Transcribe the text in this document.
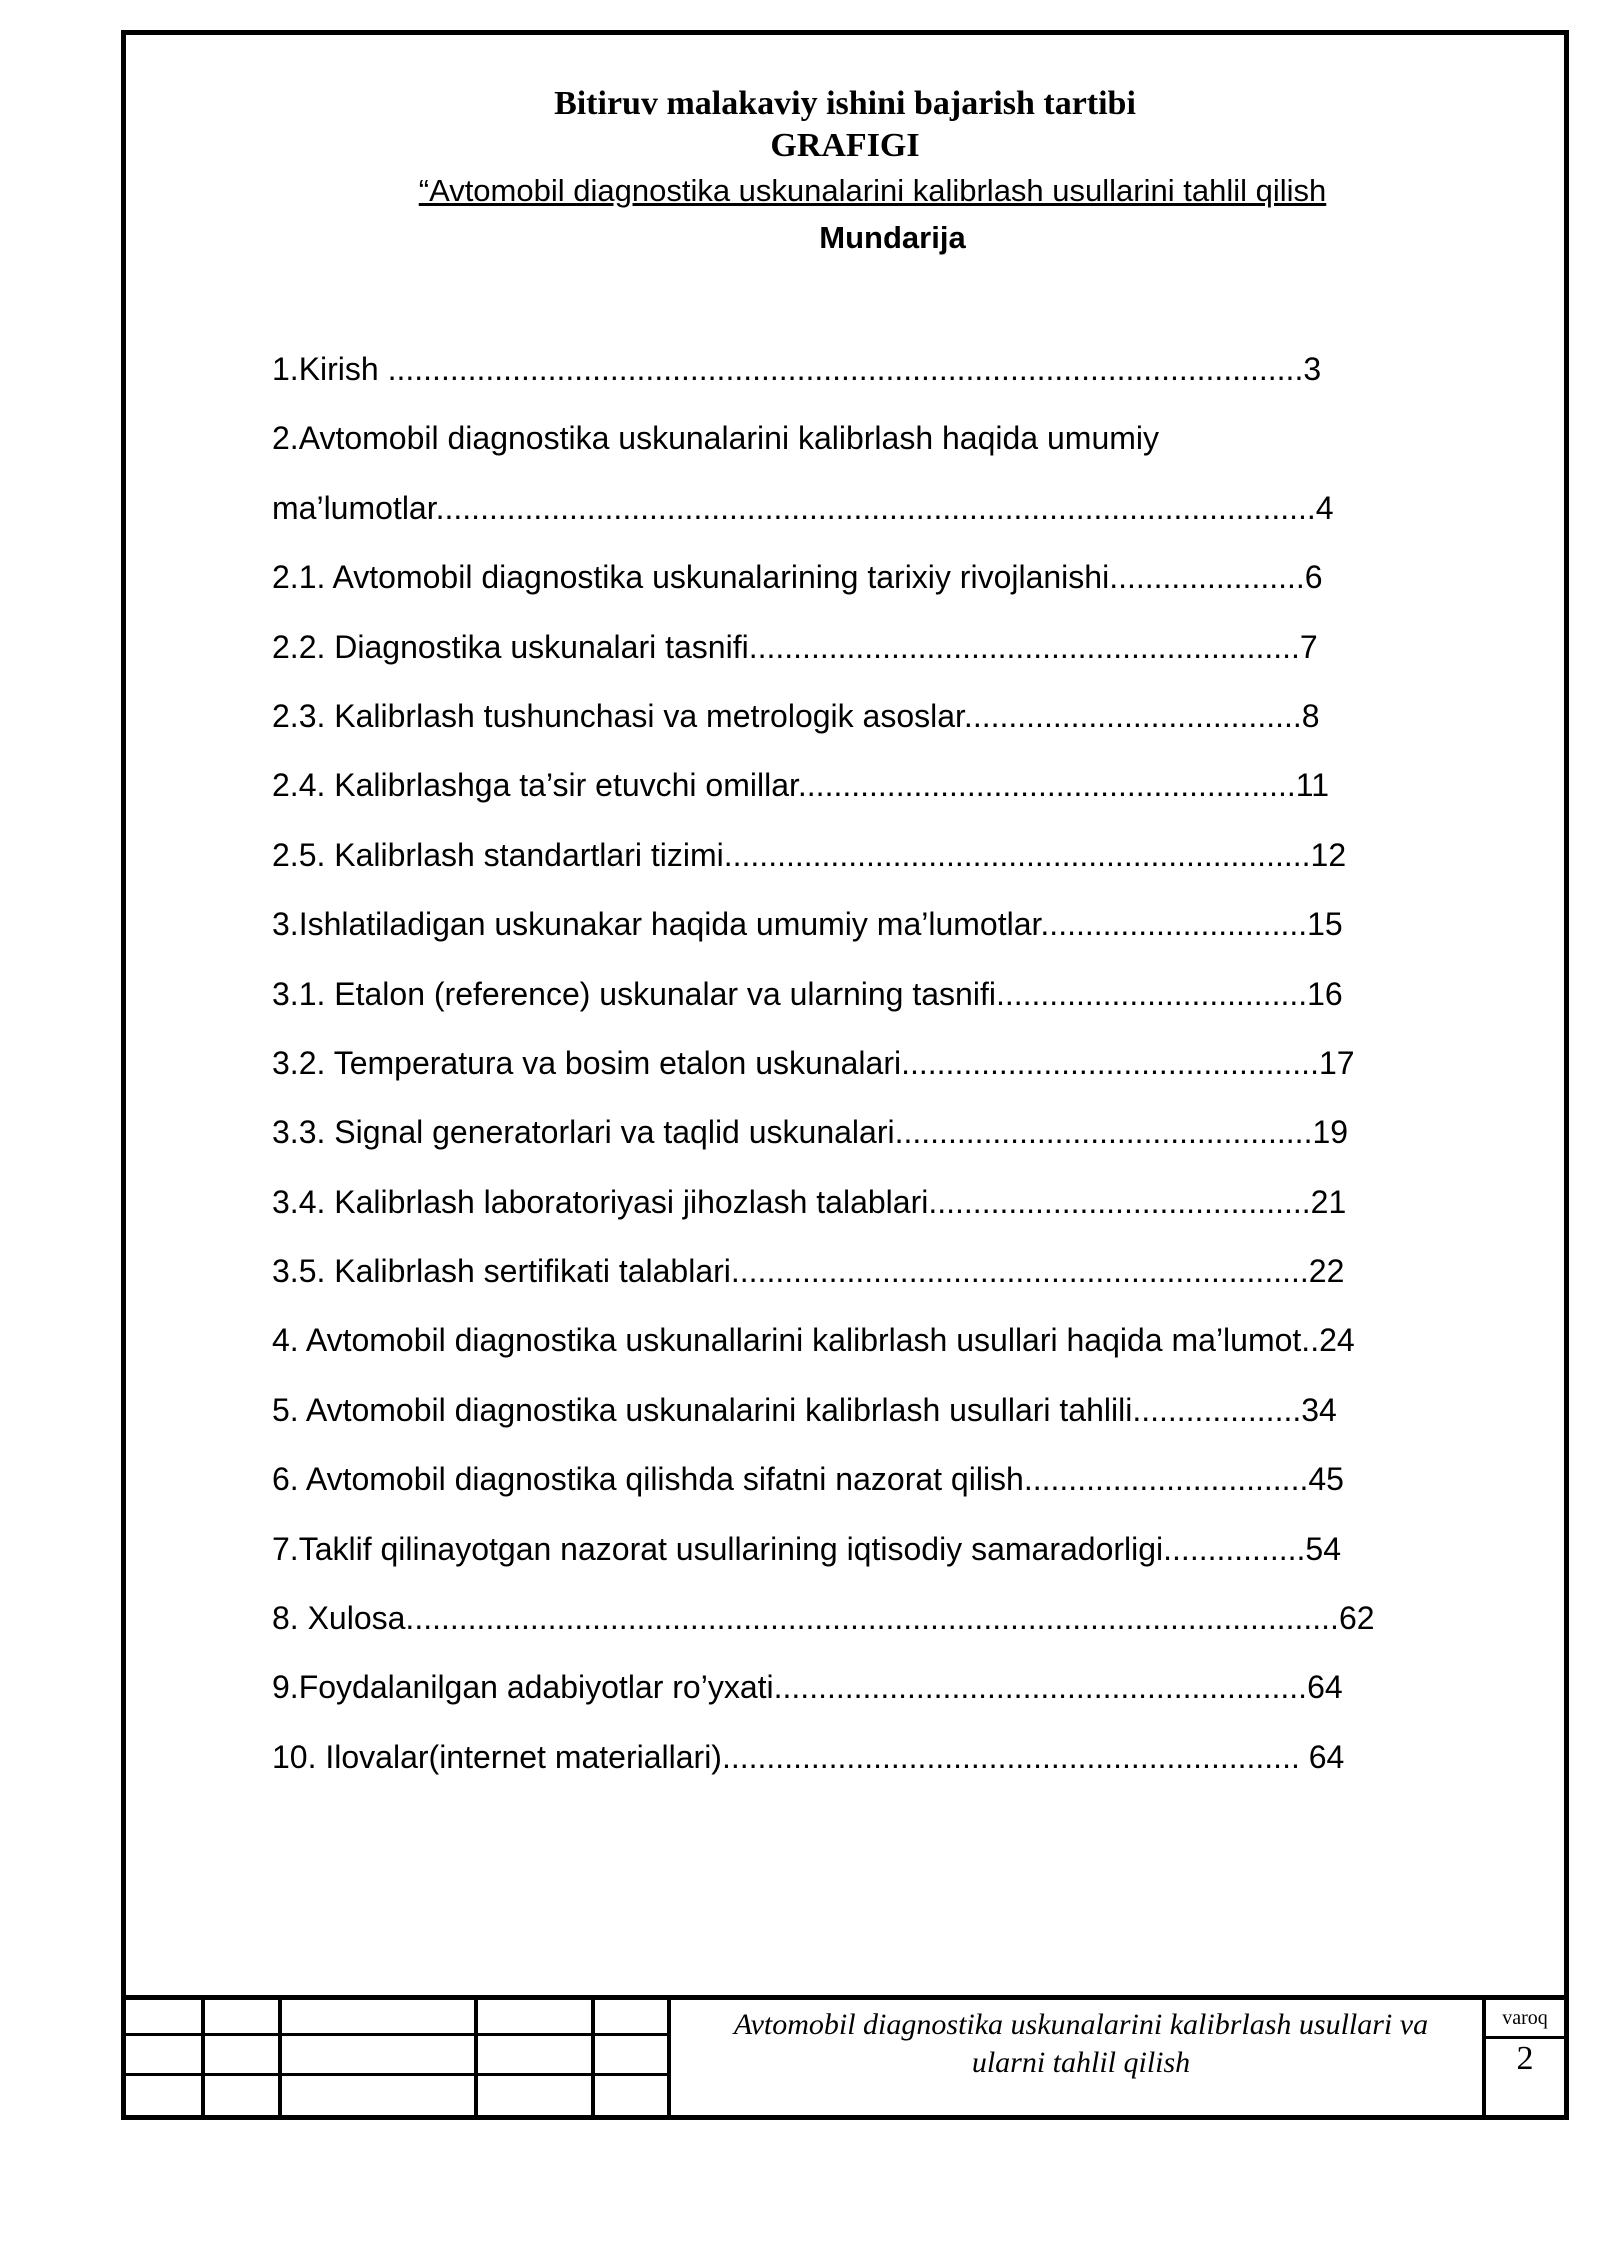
Bitiruv malakaviy ishini bajarish tartibi
GRAFIGI
“Avtomobil diagnostika uskunalarini kalibrlash usullarini tahlil qilish
Mundarija
1.Kirish .......................................................................................................3
2.Avtomobil diagnostika uskunalarini kalibrlash haqida umumiy
ma’lumotlar...................................................................................................4
2.1. Avtomobil diagnostika uskunalarining tarixiy rivojlanishi......................6
2.2. Diagnostika uskunalari tasnifi..............................................................7
2.3. Kalibrlash tushunchasi va metrologik asoslar......................................8
2.4. Kalibrlashga ta’sir etuvchi omillar........................................................11
2.5. Kalibrlash standartlari tizimi..................................................................12
3.Ishlatiladigan uskunakar haqida umumiy ma’lumotlar..............................15
3.1. Etalon (reference) uskunalar va ularning tasnifi...................................16
3.2. Temperatura va bosim etalon uskunalari...............................................17
3.3. Signal generatorlari va taqlid uskunalari...............................................19
3.4. Kalibrlash laboratoriyasi jihozlash talablari...........................................21
3.5. Kalibrlash sertifikati talablari.................................................................22
4. Avtomobil diagnostika uskunallarini kalibrlash usullari haqida ma’lumot..24
5. Avtomobil diagnostika uskunalarini kalibrlash usullari tahlili...................34
6. Avtomobil diagnostika qilishda sifatni nazorat qilish................................45
7.Taklif qilinayotgan nazorat usullarining iqtisodiy samaradorligi................54
8. Xulosa.........................................................................................................62
9.Foydalanilgan adabiyotlar ro’yxati............................................................64
10. Ilovalar(internet materiallari)................................................................. 64
Avtomobil diagnostika uskunalarini kalibrlash usullari va
ularni tahlil qilish
varoq
2
